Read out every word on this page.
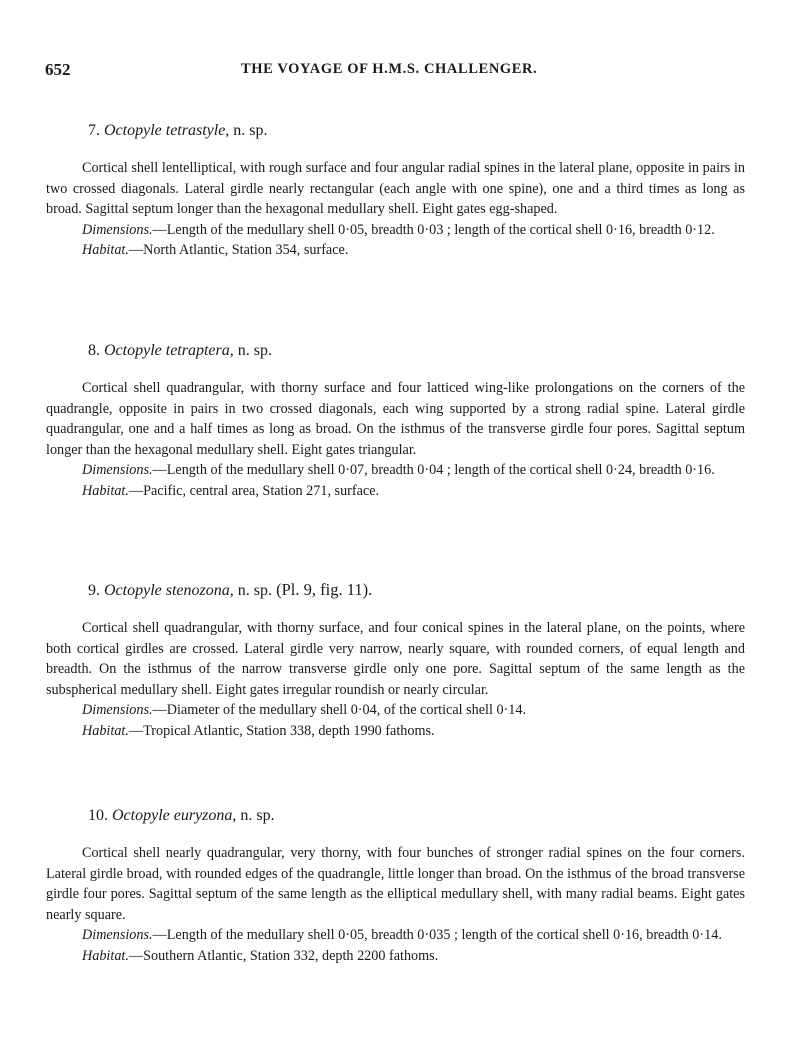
652	THE VOYAGE OF H.M.S. CHALLENGER.
7. Octopyle tetrastyle, n. sp.

Cortical shell lentelliptical, with rough surface and four angular radial spines in the lateral plane, opposite in pairs in two crossed diagonals. Lateral girdle nearly rectangular (each angle with one spine), one and a third times as long as broad. Sagittal septum longer than the hexagonal medullary shell. Eight gates egg-shaped.

Dimensions.—Length of the medullary shell 0·05, breadth 0·03 ; length of the cortical shell 0·16, breadth 0·12.
Habitat.—North Atlantic, Station 354, surface.
8. Octopyle tetraptera, n. sp.

Cortical shell quadrangular, with thorny surface and four latticed wing-like prolongations on the corners of the quadrangle, opposite in pairs in two crossed diagonals, each wing supported by a strong radial spine. Lateral girdle quadrangular, one and a half times as long as broad. On the isthmus of the transverse girdle four pores. Sagittal septum longer than the hexagonal medullary shell. Eight gates triangular.

Dimensions.—Length of the medullary shell 0·07, breadth 0·04 ; length of the cortical shell 0·24, breadth 0·16.
Habitat.—Pacific, central area, Station 271, surface.
9. Octopyle stenozona, n. sp. (Pl. 9, fig. 11).

Cortical shell quadrangular, with thorny surface, and four conical spines in the lateral plane, on the points, where both cortical girdles are crossed. Lateral girdle very narrow, nearly square, with rounded corners, of equal length and breadth. On the isthmus of the narrow transverse girdle only one pore. Sagittal septum of the same length as the subspherical medullary shell. Eight gates irregular roundish or nearly circular.

Dimensions.—Diameter of the medullary shell 0·04, of the cortical shell 0·14.
Habitat.—Tropical Atlantic, Station 338, depth 1990 fathoms.
10. Octopyle euryzona, n. sp.

Cortical shell nearly quadrangular, very thorny, with four bunches of stronger radial spines on the four corners. Lateral girdle broad, with rounded edges of the quadrangle, little longer than broad. On the isthmus of the broad transverse girdle four pores. Sagittal septum of the same length as the elliptical medullary shell, with many radial beams. Eight gates nearly square.

Dimensions.—Length of the medullary shell 0·05, breadth 0·035 ; length of the cortical shell 0·16, breadth 0·14.
Habitat.—Southern Atlantic, Station 332, depth 2200 fathoms.
